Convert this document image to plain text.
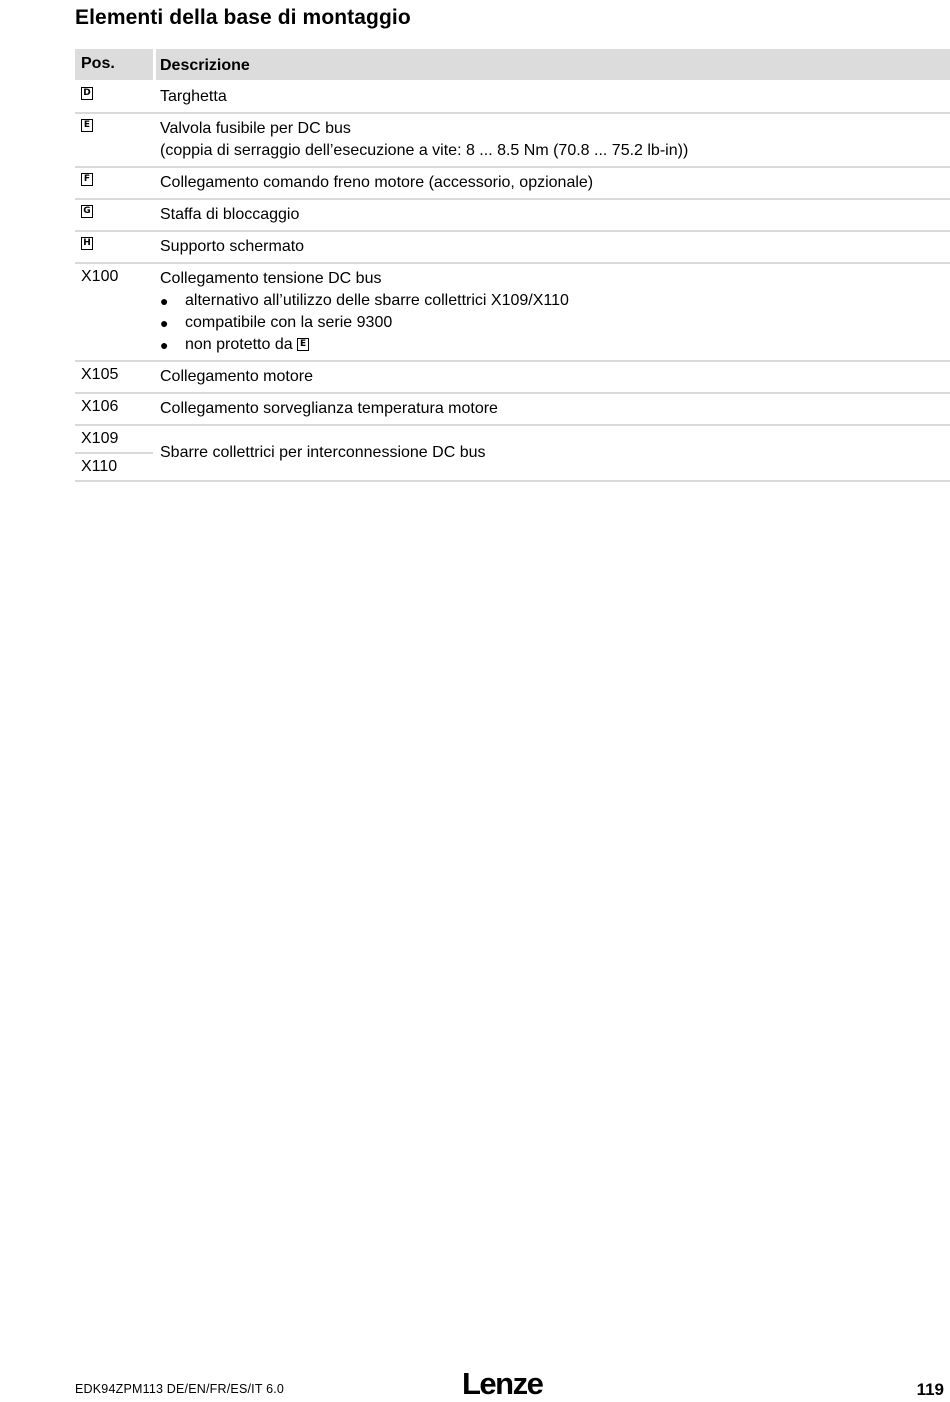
Elementi della base di montaggio
Pos.	Descrizione
D	Targhetta
E	Valvola fusibile per DC bus
(coppia di serraggio dell’esecuzione a vite: 8 ... 8.5 Nm (70.8 ... 75.2 lb-in))
F	Collegamento comando freno motore (accessorio, opzionale)
G	Staffa di bloccaggio
H	Supporto schermato
X100	Collegamento tensione DC bus
●	alternativo all’utilizzo delle sbarre collettrici X109/X110
●	compatibile con la serie 9300
●	non protetto da
E
X105	Collegamento motore
X106	Collegamento sorveglianza temperatura motore
X109
X110
Sbarre collettrici per interconnessione DC bus
EDK94ZPM113 DE/EN/FR/ES/IT 6.0	Lenze	119
